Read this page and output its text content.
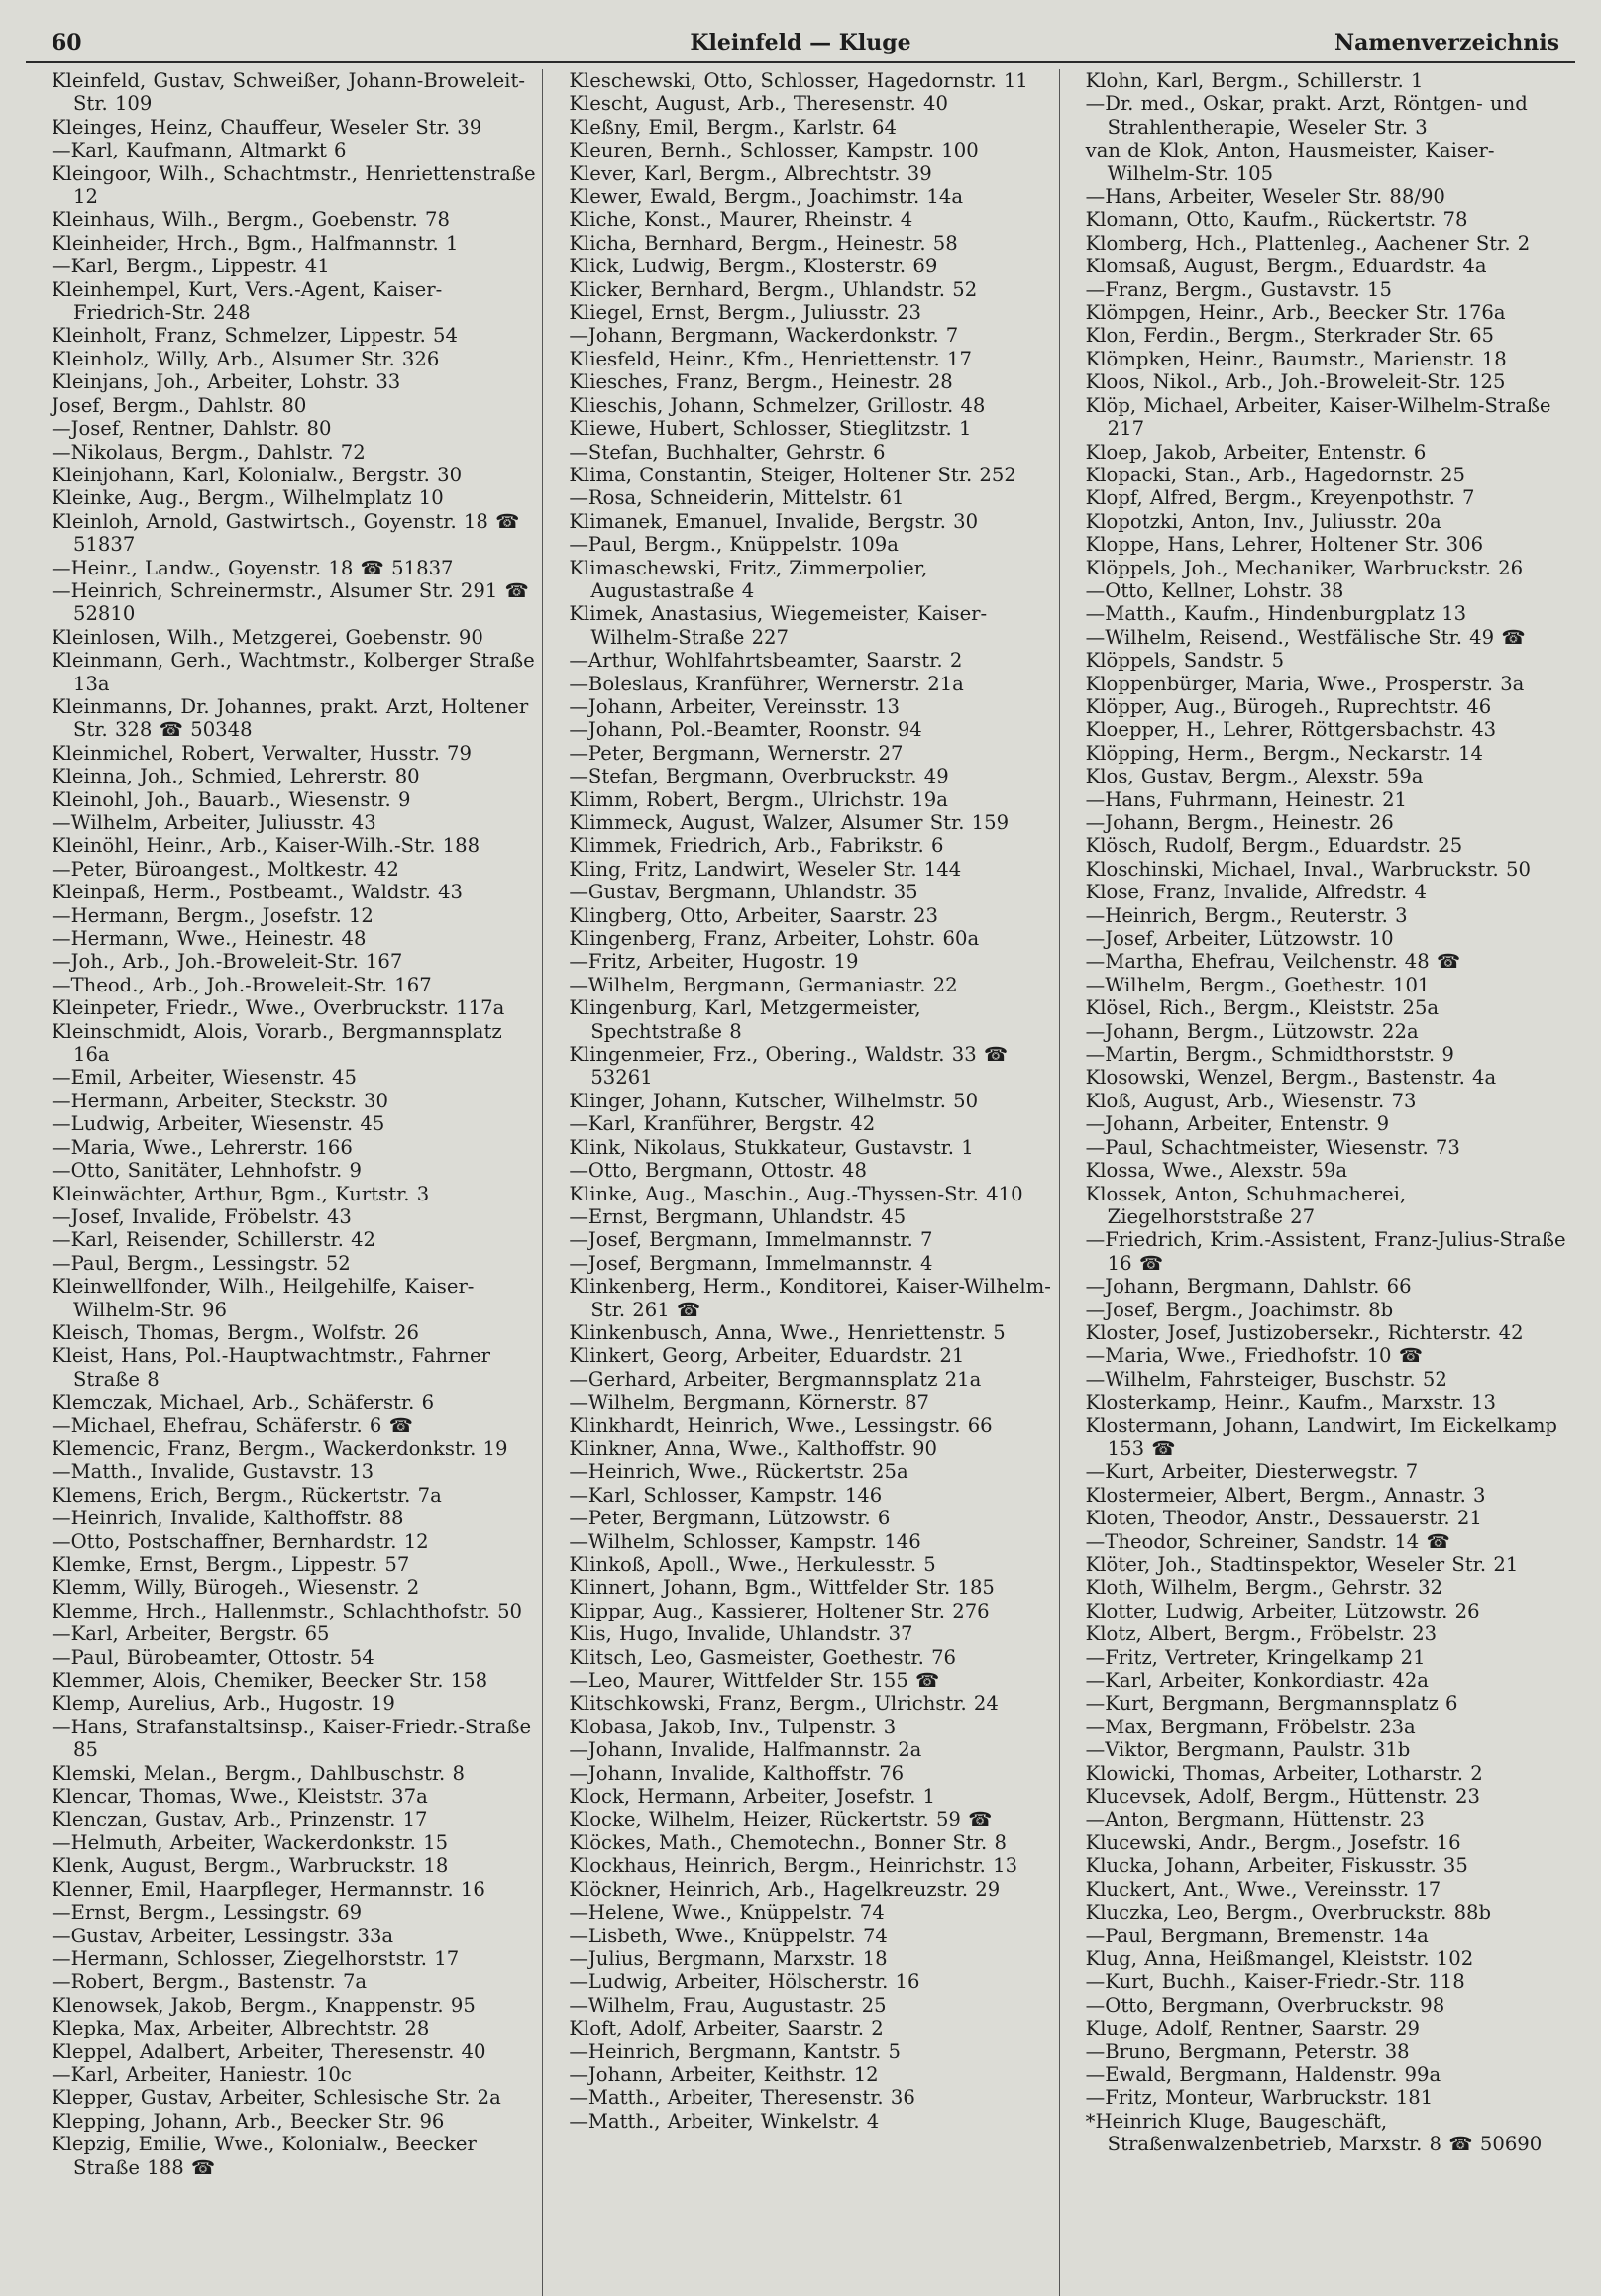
60	Kleinfeld — Kluge	Namenverzeichnis
Kleinfeld, Gustav, Schweißer, Johann-Broweleit-Str. 109
Kleinges, Heinz, Chauffeur, Weseler Str. 39
—Karl, Kaufmann, Altmarkt 6
Kleingoor, Wilh., Schachtmstr., Henriettenstraße 12
Kleinhaus, Wilh., Bergm., Goebenstr. 78
Kleinheider, Hrch., Bgm., Halfmannstr. 1
—Karl, Bergm., Lippestr. 41
Kleinhempel, Kurt, Vers.-Agent, Kaiser-Friedrich-Str. 248
Kleinholt, Franz, Schmelzer, Lippestr. 54
Kleinholz, Willy, Arb., Alsumer Str. 326
Kleinjans, Joh., Arbeiter, Lohstr. 33
Josef, Bergm., Dahlstr. 80
—Josef, Rentner, Dahlstr. 80
—Nikolaus, Bergm., Dahlstr. 72
Kleinjohann, Karl, Kolonialw., Bergstr. 30
Kleinke, Aug., Bergm., Wilhelmplatz 10
Kleinloh, Arnold, Gastwirtsch., Goyenstr. 18 ☎ 51837
—Heinr., Landw., Goyenstr. 18 ☎ 51837
—Heinrich, Schreinermstr., Alsumer Str. 291 ☎ 52810
Kleinlosen, Wilh., Metzgerei, Goebenstr. 90
Kleinmann, Gerh., Wachtmstr., Kolberger Straße 13a
Kleinmanns, Dr. Johannes, prakt. Arzt, Holtener Str. 328 ☎ 50348
Kleinmichel, Robert, Verwalter, Husstr. 79
Kleinna, Joh., Schmied, Lehrerstr. 80
Kleinohl, Joh., Bauarb., Wiesenstr. 9
—Wilhelm, Arbeiter, Juliusstr. 43
Kleinöhl, Heinr., Arb., Kaiser-Wilh.-Str. 188
—Peter, Büroangest., Moltkestr. 42
Kleinpaß, Herm., Postbeamt., Waldstr. 43
—Hermann, Bergm., Josefstr. 12
—Hermann, Wwe., Heinestr. 48
—Joh., Arb., Joh.-Broweleit-Str. 167
—Theod., Arb., Joh.-Broweleit-Str. 167
Kleinpeter, Friedr., Wwe., Overbruckstr. 117a
Kleinschmidt, Alois, Vorarb., Bergmannsplatz 16a
—Emil, Arbeiter, Wiesenstr. 45
—Hermann, Arbeiter, Steckstr. 30
—Ludwig, Arbeiter, Wiesenstr. 45
—Maria, Wwe., Lehrerstr. 166
—Otto, Sanitäter, Lehnhofstr. 9
Kleinwächter, Arthur, Bgm., Kurtstr. 3
—Josef, Invalide, Fröbelstr. 43
—Karl, Reisender, Schillerstr. 42
—Paul, Bergm., Lessingstr. 52
Kleinwellfonder, Wilh., Heilgehilfe, Kaiser-Wilhelm-Str. 96
Kleisch, Thomas, Bergm., Wolfstr. 26
Kleist, Hans, Pol.-Hauptwachtmstr., Fahrner Straße 8
Klemczak, Michael, Arb., Schäferstr. 6
—Michael, Ehefrau, Schäferstr. 6 ☎
Klemencic, Franz, Bergm., Wackerdonkstr. 19
—Matth., Invalide, Gustavstr. 13
Klemens, Erich, Bergm., Rückertstr. 7a
—Heinrich, Invalide, Kalthoffstr. 88
—Otto, Postschaffner, Bernhardstr. 12
Klemke, Ernst, Bergm., Lippestr. 57
Klemm, Willy, Bürogeh., Wiesenstr. 2
Klemme, Hrch., Hallenmstr., Schlachthofstr. 50
—Karl, Arbeiter, Bergstr. 65
—Paul, Bürobeamter, Ottostr. 54
Klemmer, Alois, Chemiker, Beecker Str. 158
Klemp, Aurelius, Arb., Hugostr. 19
—Hans, Strafanstaltsinsp., Kaiser-Friedr.-Straße 85
Klemski, Melan., Bergm., Dahlbuschstr. 8
Klencar, Thomas, Wwe., Kleiststr. 37a
Klenczan, Gustav, Arb., Prinzenstr. 17
—Helmuth, Arbeiter, Wackerdonkstr. 15
Klenk, August, Bergm., Warbruckstr. 18
Klenner, Emil, Haarpfleger, Hermannstr. 16
—Ernst, Bergm., Lessingstr. 69
—Gustav, Arbeiter, Lessingstr. 33a
—Hermann, Schlosser, Ziegelhorststr. 17
—Robert, Bergm., Bastenstr. 7a
Klenowsek, Jakob, Bergm., Knappenstr. 95
Klepka, Max, Arbeiter, Albrechtstr. 28
Kleppel, Adalbert, Arbeiter, Theresenstr. 40
—Karl, Arbeiter, Haniestr. 10c
Klepper, Gustav, Arbeiter, Schlesische Str. 2a
Klepping, Johann, Arb., Beecker Str. 96
Klepzig, Emilie, Wwe., Kolonialw., Beecker Straße 188 ☎
Kleschewski, Otto, Schlosser, Hagedornstr. 11
Klescht, August, Arb., Theresenstr. 40
Kleßny, Emil, Bergm., Karlstr. 64
Kleuren, Bernh., Schlosser, Kampstr. 100
Klever, Karl, Bergm., Albrechtstr. 39
Klewer, Ewald, Bergm., Joachimstr. 14a
Kliche, Konst., Maurer, Rheinstr. 4
Klicha, Bernhard, Bergm., Heinestr. 58
Klick, Ludwig, Bergm., Klosterstr. 69
Klicker, Bernhard, Bergm., Uhlandstr. 52
Kliegel, Ernst, Bergm., Juliusstr. 23
—Johann, Bergmann, Wackerdonkstr. 7
Kliesfeld, Heinr., Kfm., Henriettenstr. 17
Kliesches, Franz, Bergm., Heinestr. 28
Klieschis, Johann, Schmelzer, Grillostr. 48
Kliewe, Hubert, Schlosser, Stieglitzstr. 1
—Stefan, Buchhalter, Gehrstr. 6
Klima, Constantin, Steiger, Holtener Str. 252
—Rosa, Schneiderin, Mittelstr. 61
Klimanek, Emanuel, Invalide, Bergstr. 30
—Paul, Bergm., Knüppelstr. 109a
Klimaschewski, Fritz, Zimmerpolier, Augustastraße 4
Klimek, Anastasius, Wiegemeister, Kaiser-Wilhelm-Straße 227
—Arthur, Wohlfahrtsbeamter, Saarstr. 2
—Boleslaus, Kranführer, Wernerstr. 21a
—Johann, Arbeiter, Vereinsstr. 13
—Johann, Pol.-Beamter, Roonstr. 94
—Peter, Bergmann, Wernerstr. 27
—Stefan, Bergmann, Overbruckstr. 49
Klimm, Robert, Bergm., Ulrichstr. 19a
Klimmeck, August, Walzer, Alsumer Str. 159
Klimmek, Friedrich, Arb., Fabrikstr. 6
Kling, Fritz, Landwirt, Weseler Str. 144
—Gustav, Bergmann, Uhlandstr. 35
Klingberg, Otto, Arbeiter, Saarstr. 23
Klingenberg, Franz, Arbeiter, Lohstr. 60a
—Fritz, Arbeiter, Hugostr. 19
—Wilhelm, Bergmann, Germaniastr. 22
Klingenburg, Karl, Metzgermeister, Spechtstraße 8
Klingenmeier, Frz., Obering., Waldstr. 33 ☎ 53261
Klinger, Johann, Kutscher, Wilhelmstr. 50
—Karl, Kranführer, Bergstr. 42
Klink, Nikolaus, Stukkateur, Gustavstr. 1
—Otto, Bergmann, Ottostr. 48
Klinke, Aug., Maschin., Aug.-Thyssen-Str. 410
—Ernst, Bergmann, Uhlandstr. 45
—Josef, Bergmann, Immelmannstr. 7
—Josef, Bergmann, Immelmannstr. 4
Klinkenberg, Herm., Konditorei, Kaiser-Wilhelm-Str. 261 ☎
Klinkenbusch, Anna, Wwe., Henriettenstr. 5
Klinkert, Georg, Arbeiter, Eduardstr. 21
—Gerhard, Arbeiter, Bergmannsplatz 21a
—Wilhelm, Bergmann, Körnerstr. 87
Klinkhardt, Heinrich, Wwe., Lessingstr. 66
Klinkner, Anna, Wwe., Kalthoffstr. 90
—Heinrich, Wwe., Rückertstr. 25a
—Karl, Schlosser, Kampstr. 146
—Peter, Bergmann, Lützowstr. 6
—Wilhelm, Schlosser, Kampstr. 146
Klinkoß, Apoll., Wwe., Herkulesstr. 5
Klinnert, Johann, Bgm., Wittfelder Str. 185
Klippar, Aug., Kassierer, Holtener Str. 276
Klis, Hugo, Invalide, Uhlandstr. 37
Klitsch, Leo, Gasmeister, Goethestr. 76
—Leo, Maurer, Wittfelder Str. 155 ☎
Klitschkowski, Franz, Bergm., Ulrichstr. 24
Klobasa, Jakob, Inv., Tulpenstr. 3
—Johann, Invalide, Halfmannstr. 2a
—Johann, Invalide, Kalthoffstr. 76
Klock, Hermann, Arbeiter, Josefstr. 1
Klocke, Wilhelm, Heizer, Rückertstr. 59 ☎
Klöckes, Math., Chemotechn., Bonner Str. 8
Klockhaus, Heinrich, Bergm., Heinrichstr. 13
Klöckner, Heinrich, Arb., Hagelkreuzstr. 29
—Helene, Wwe., Knüppelstr. 74
—Lisbeth, Wwe., Knüppelstr. 74
—Julius, Bergmann, Marxstr. 18
—Ludwig, Arbeiter, Hölscherstr. 16
—Wilhelm, Frau, Augustastr. 25
Kloft, Adolf, Arbeiter, Saarstr. 2
—Heinrich, Bergmann, Kantstr. 5
—Johann, Arbeiter, Keithstr. 12
—Matth., Arbeiter, Theresenstr. 36
—Matth., Arbeiter, Winkelstr. 4
Klohn, Karl, Bergm., Schillerstr. 1
—Dr. med., Oskar, prakt. Arzt, Röntgen- und Strahlentherapie, Weseler Str. 3
van de Klok, Anton, Hausmeister, Kaiser-Wilhelm-Str. 105
—Hans, Arbeiter, Weseler Str. 88/90
Klomann, Otto, Kaufm., Rückertstr. 78
Klomberg, Hch., Plattenleg., Aachener Str. 2
Klomsaß, August, Bergm., Eduardstr. 4a
—Franz, Bergm., Gustavstr. 15
Klömpgen, Heinr., Arb., Beecker Str. 176a
Klon, Ferdin., Bergm., Sterkrader Str. 65
Klömpken, Heinr., Baumstr., Marienstr. 18
Kloos, Nikol., Arb., Joh.-Broweleit-Str. 125
Klöp, Michael, Arbeiter, Kaiser-Wilhelm-Straße 217
Kloep, Jakob, Arbeiter, Entenstr. 6
Klopacki, Stan., Arb., Hagedornstr. 25
Klopf, Alfred, Bergm., Kreyenpothstr. 7
Klopotzki, Anton, Inv., Juliusstr. 20a
Kloppe, Hans, Lehrer, Holtener Str. 306
Klöppels, Joh., Mechaniker, Warbruckstr. 26
—Otto, Kellner, Lohstr. 38
—Matth., Kaufm., Hindenburgplatz 13
—Wilhelm, Reisend., Westfälische Str. 49 ☎
Klöppels, Sandstr. 5
Kloppenbürger, Maria, Wwe., Prosperstr. 3a
Klöpper, Aug., Bürogeh., Ruprechtstr. 46
Kloepper, H., Lehrer, Röttgersbachstr. 43
Klöpping, Herm., Bergm., Neckarstr. 14
Klos, Gustav, Bergm., Alexstr. 59a
—Hans, Fuhrmann, Heinestr. 21
—Johann, Bergm., Heinestr. 26
Klösch, Rudolf, Bergm., Eduardstr. 25
Kloschinski, Michael, Inval., Warbruckstr. 50
Klose, Franz, Invalide, Alfredstr. 4
—Heinrich, Bergm., Reuterstr. 3
—Josef, Arbeiter, Lützowstr. 10
—Martha, Ehefrau, Veilchenstr. 48 ☎
—Wilhelm, Bergm., Goethestr. 101
Klösel, Rich., Bergm., Kleiststr. 25a
—Johann, Bergm., Lützowstr. 22a
—Martin, Bergm., Schmidthorststr. 9
Klosowski, Wenzel, Bergm., Bastenstr. 4a
Kloß, August, Arb., Wiesenstr. 73
—Johann, Arbeiter, Entenstr. 9
—Paul, Schachtmeister, Wiesenstr. 73
Klossa, Wwe., Alexstr. 59a
Klossek, Anton, Schuhmacherei, Ziegelhorststraße 27
—Friedrich, Krim.-Assistent, Franz-Julius-Straße 16 ☎
—Johann, Bergmann, Dahlstr. 66
—Josef, Bergm., Joachimstr. 8b
Kloster, Josef, Justizobersekr., Richterstr. 42
—Maria, Wwe., Friedhofstr. 10 ☎
—Wilhelm, Fahrsteiger, Buschstr. 52
Klosterkamp, Heinr., Kaufm., Marxstr. 13
Klostermann, Johann, Landwirt, Im Eickelkamp 153 ☎
—Kurt, Arbeiter, Diesterwegstr. 7
Klostermeier, Albert, Bergm., Annastr. 3
Kloten, Theodor, Anstr., Dessauerstr. 21
—Theodor, Schreiner, Sandstr. 14 ☎
Klöter, Joh., Stadtinspektor, Weseler Str. 21
Kloth, Wilhelm, Bergm., Gehrstr. 32
Klotter, Ludwig, Arbeiter, Lützowstr. 26
Klotz, Albert, Bergm., Fröbelstr. 23
—Fritz, Vertreter, Kringelkamp 21
—Karl, Arbeiter, Konkordiastr. 42a
—Kurt, Bergmann, Bergmannsplatz 6
—Max, Bergmann, Fröbelstr. 23a
—Viktor, Bergmann, Paulstr. 31b
Klowicki, Thomas, Arbeiter, Lotharstr. 2
Klucevsek, Adolf, Bergm., Hüttenstr. 23
—Anton, Bergmann, Hüttenstr. 23
Klucewski, Andr., Bergm., Josefstr. 16
Klucka, Johann, Arbeiter, Fiskusstr. 35
Kluckert, Ant., Wwe., Vereinsstr. 17
Kluczka, Leo, Bergm., Overbruckstr. 88b
—Paul, Bergmann, Bremenstr. 14a
Klug, Anna, Heißmangel, Kleiststr. 102
—Kurt, Buchh., Kaiser-Friedr.-Str. 118
—Otto, Bergmann, Overbruckstr. 98
Kluge, Adolf, Rentner, Saarstr. 29
—Bruno, Bergmann, Peterstr. 38
—Ewald, Bergmann, Haldenstr. 99a
—Fritz, Monteur, Warbruckstr. 181
*Heinrich Kluge, Baugeschäft, Straßenwalzenbetrieb, Marxstr. 8 ☎ 50690
